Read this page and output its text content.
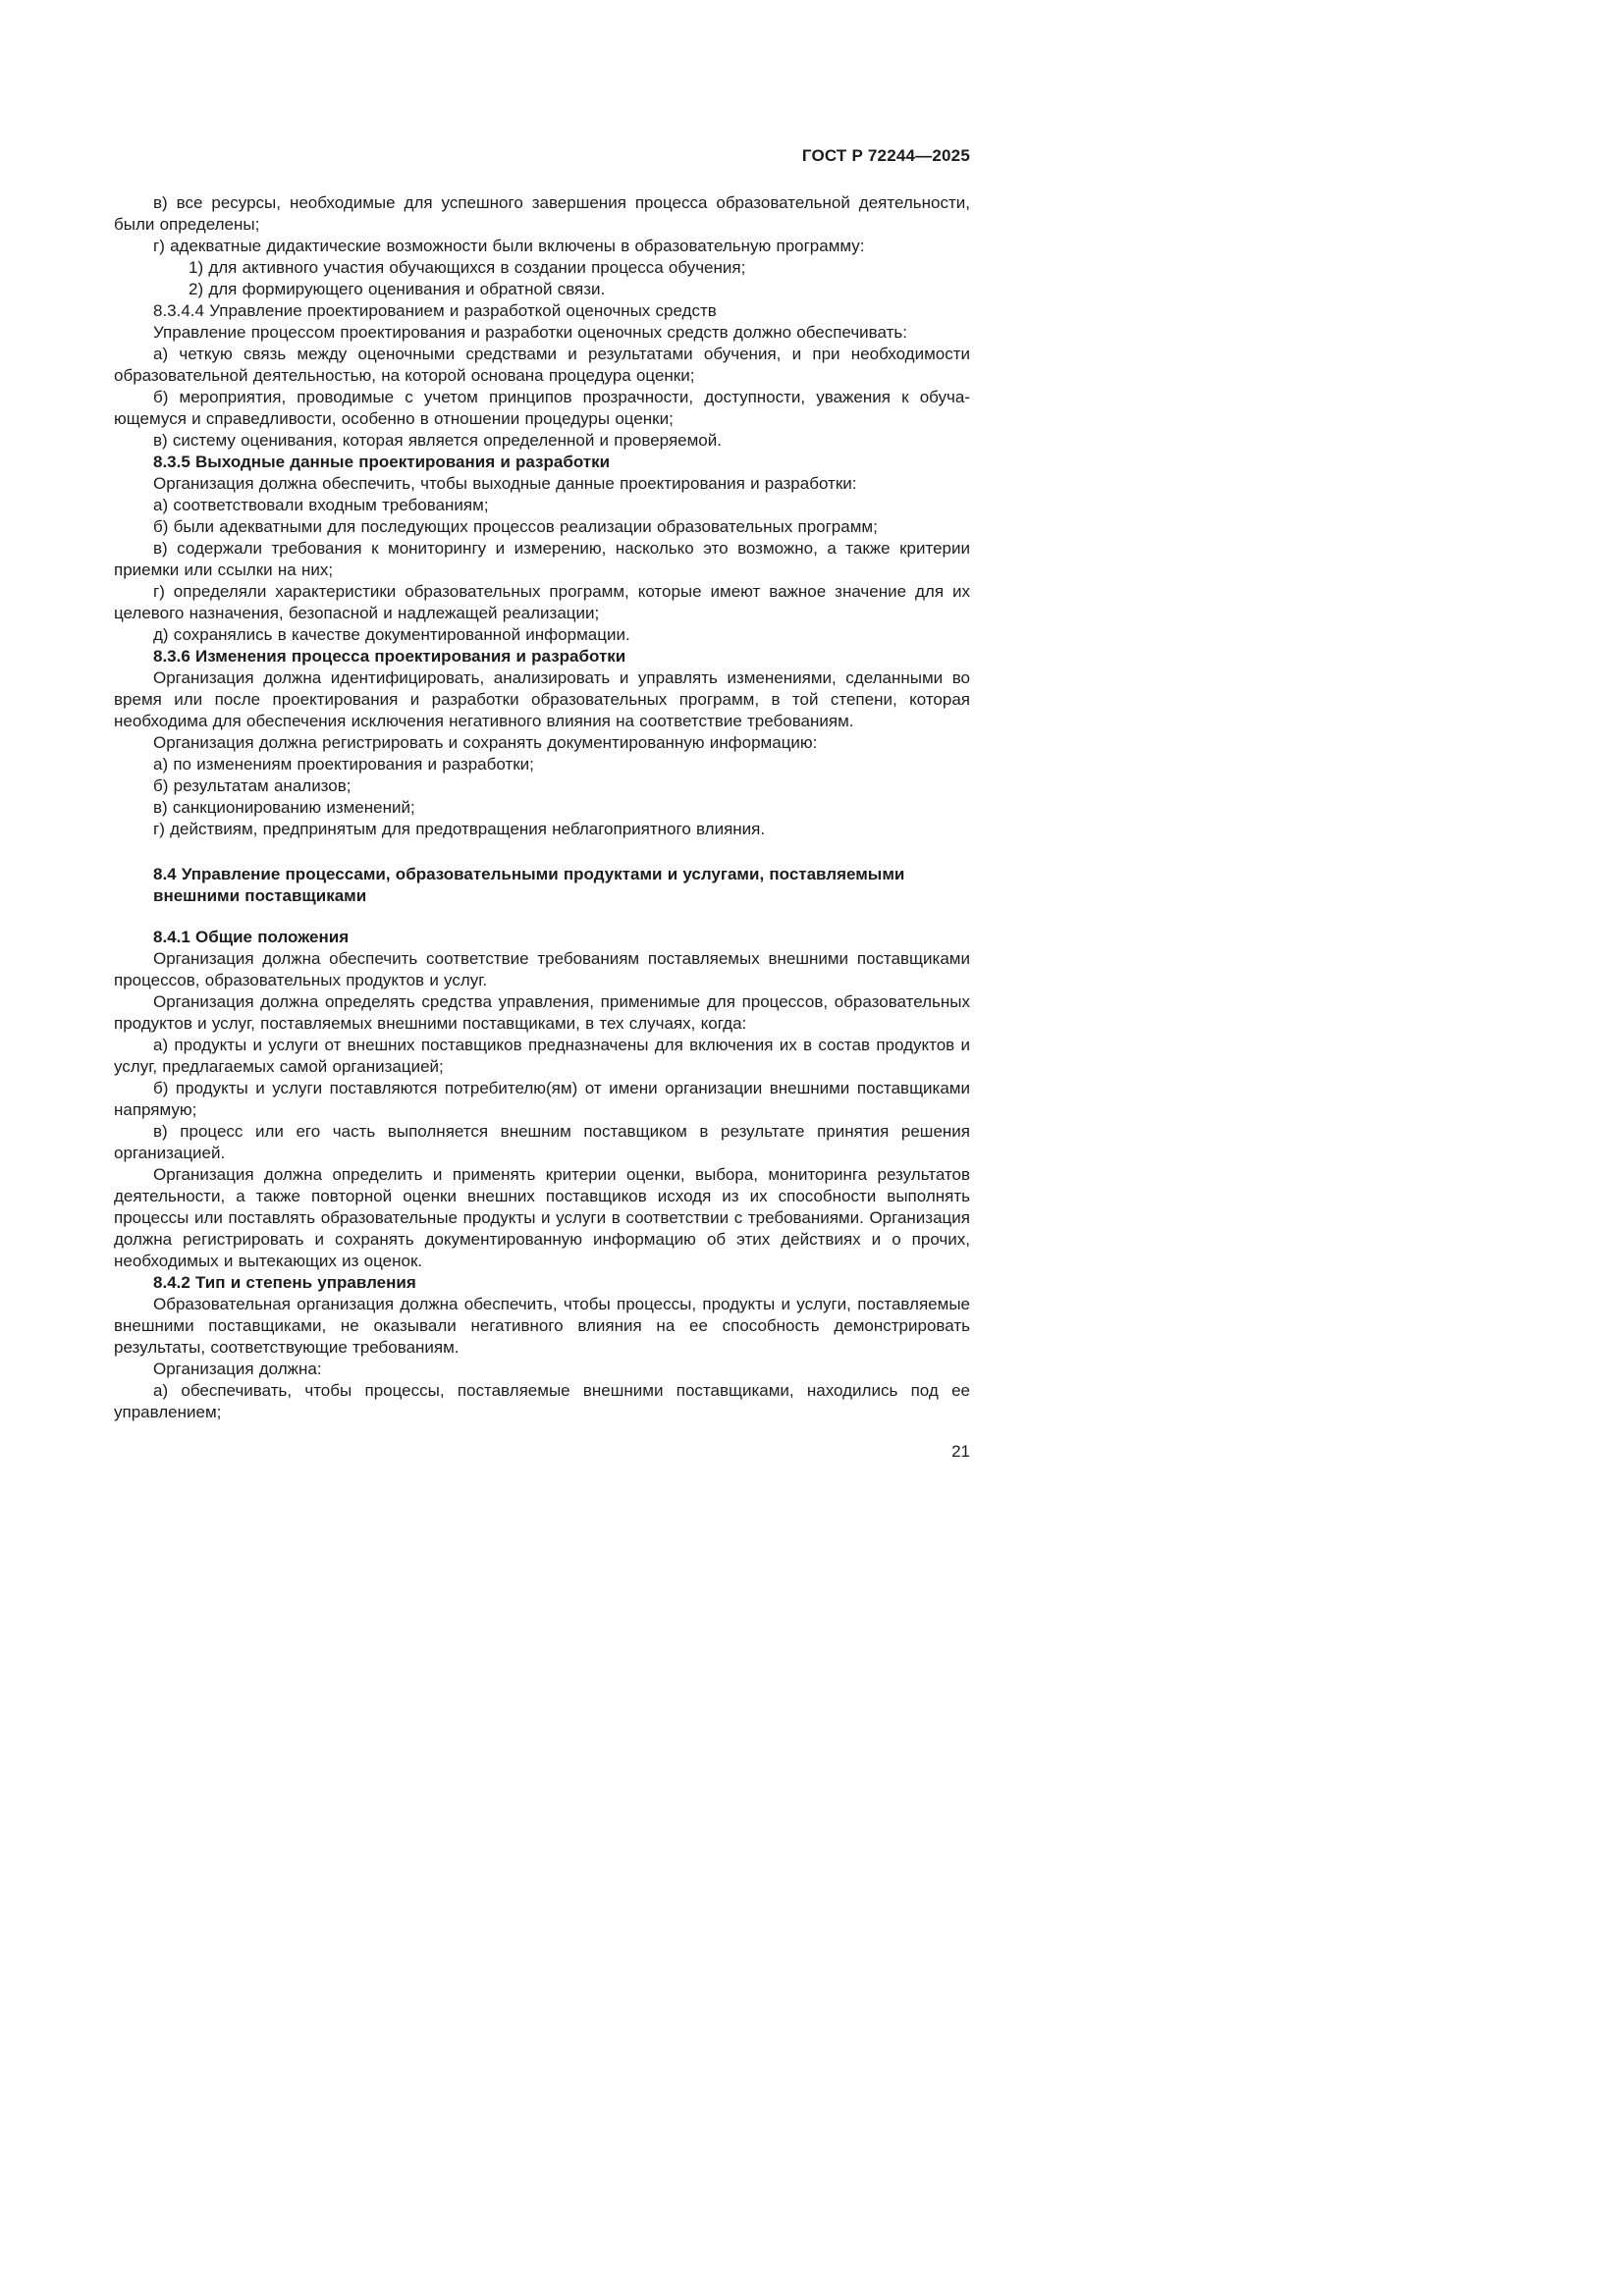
ГОСТ Р 72244—2025

в) все ресурсы, необходимые для успешного завершения процесса образовательной деятельности, были определены;

г) адекватные дидактические возможности были включены в образовательную программу:

1) для активного участия обучающихся в создании процесса обучения;

2) для формирующего оценивания и обратной связи.

8.3.4.4 Управление проектированием и разработкой оценочных средств

Управление процессом проектирования и разработки оценочных средств должно обеспечивать:

а) четкую связь между оценочными средствами и результатами обучения, и при необходимости образовательной деятельностью, на которой основана процедура оценки;

б) мероприятия, проводимые с учетом принципов прозрачности, доступности, уважения к обучающемуся и справедливости, особенно в отношении процедуры оценки;

в) систему оценивания, которая является определенной и проверяемой.

8.3.5 Выходные данные проектирования и разработки

Организация должна обеспечить, чтобы выходные данные проектирования и разработки:

а) соответствовали входным требованиям;

б) были адекватными для последующих процессов реализации образовательных программ;

в) содержали требования к мониторингу и измерению, насколько это возможно, а также критерии приемки или ссылки на них;

г) определяли характеристики образовательных программ, которые имеют важное значение для их целевого назначения, безопасной и надлежащей реализации;

д) сохранялись в качестве документированной информации.

8.3.6 Изменения процесса проектирования и разработки

Организация должна идентифицировать, анализировать и управлять изменениями, сделанными во время или после проектирования и разработки образовательных программ, в той степени, которая необходима для обеспечения исключения негативного влияния на соответствие требованиям.

Организация должна регистрировать и сохранять документированную информацию:

а) по изменениям проектирования и разработки;

б) результатам анализов;

в) санкционированию изменений;

г) действиям, предпринятым для предотвращения неблагоприятного влияния.

8.4 Управление процессами, образовательными продуктами и услугами, поставляемыми внешними поставщиками

8.4.1 Общие положения

Организация должна обеспечить соответствие требованиям поставляемых внешними поставщиками процессов, образовательных продуктов и услуг.

Организация должна определять средства управления, применимые для процессов, образовательных продуктов и услуг, поставляемых внешними поставщиками, в тех случаях, когда:

а) продукты и услуги от внешних поставщиков предназначены для включения их в состав продуктов и услуг, предлагаемых самой организацией;

б) продукты и услуги поставляются потребителю(ям) от имени организации внешними поставщиками напрямую;

в) процесс или его часть выполняется внешним поставщиком в результате принятия решения организацией.

Организация должна определить и применять критерии оценки, выбора, мониторинга результатов деятельности, а также повторной оценки внешних поставщиков исходя из их способности выполнять процессы или поставлять образовательные продукты и услуги в соответствии с требованиями. Организация должна регистрировать и сохранять документированную информацию об этих действиях и о прочих, необходимых и вытекающих из оценок.

8.4.2 Тип и степень управления

Образовательная организация должна обеспечить, чтобы процессы, продукты и услуги, поставляемые внешними поставщиками, не оказывали негативного влияния на ее способность демонстрировать результаты, соответствующие требованиям.

Организация должна:

а) обеспечивать, чтобы процессы, поставляемые внешними поставщиками, находились под ее управлением;

21
